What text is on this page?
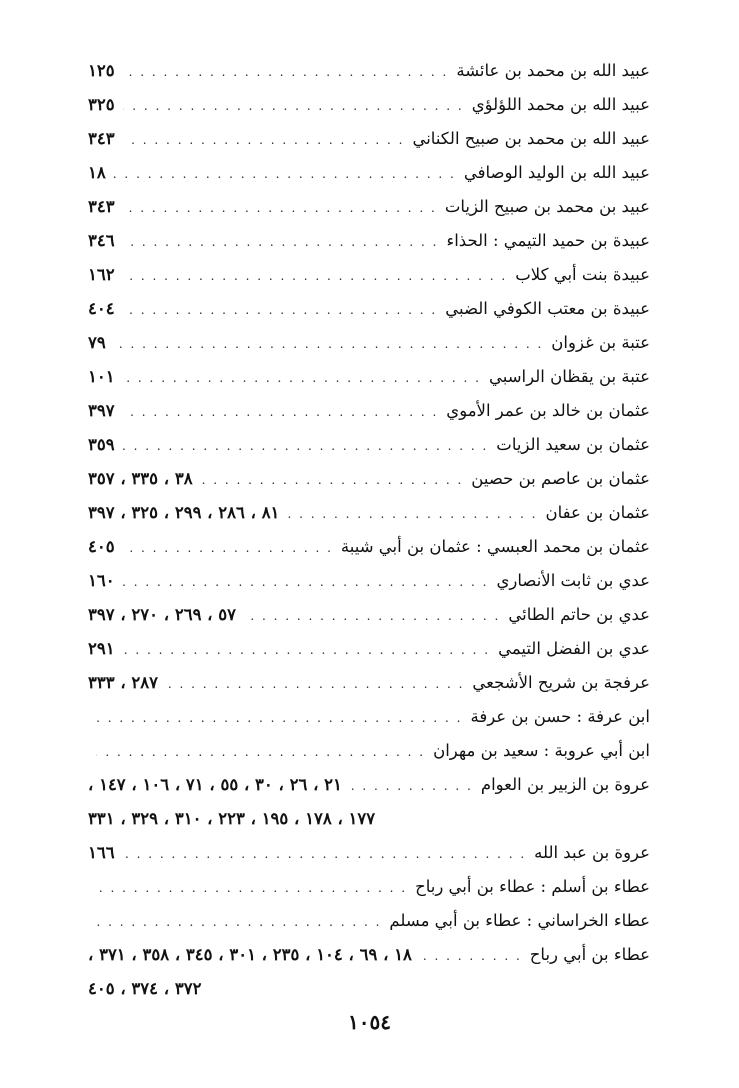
عبيد الله بن محمد بن عائشة
. . .
١٢٥
عبيد الله بن محمد اللؤلؤي
. . .
٣٢٥
عبيد الله بن محمد بن صبيح الكناني
. . .
٣٤٣
عبيد الله بن الوليد الوصافي
. . .
١٨
عبيد بن محمد بن صبيح الزيات
. . .
٣٤٣
عبيدة بن حميد التيمي : الحذاء
. . .
٣٤٦
عبيدة بنت أبي كلاب
. . .
١٦٢
عبيدة بن معتب الكوفي الضبي
. . .
٤٠٤
عتبة بن غزوان
. . .
٧٩
عتبة بن يقظان الراسبي
. . .
١٠١
عثمان بن خالد بن عمر الأموي
. . .
٣٩٧
عثمان بن سعيد الزيات
. . .
٣٥٩
عثمان بن عاصم بن حصين
. . .
٣٨ ، ٣٣٥ ، ٣٥٧
عثمان بن عفان
. . .
٨١ ، ٢٨٦ ، ٢٩٩ ، ٣٢٥ ، ٣٩٧
عثمان بن محمد العبسي : عثمان بن أبي شيبة
. . .
٤٠٥
عدي بن ثابت الأنصاري
. . .
١٦٠
عدي بن حاتم الطائي
. . .
٥٧ ، ٢٦٩ ، ٢٧٠ ، ٣٩٧
عدي بن الفضل التيمي
. . .
٢٩١
عرفجة بن شريح الأشجعي
. . .
٢٨٧ ، ٣٣٣
ابن عرفة : حسن بن عرفة
. . .
ابن أبي عروبة : سعيد بن مهران
. . .
عروة بن الزبير بن العوام
. . .
٢١ ، ٢٦ ، ٣٠ ، ٥٥ ، ٧١ ، ١٠٦ ، ١٤٧ ،
١٧٧ ، ١٧٨ ، ١٩٥ ، ٢٢٣ ، ٣١٠ ، ٣٢٩ ، ٣٣١
عروة بن عبد الله
. . .
١٦٦
عطاء بن أسلم : عطاء بن أبي رباح
. . .
عطاء الخراساني : عطاء بن أبي مسلم
. . .
عطاء بن أبي رباح
. . .
١٨ ، ٦٩ ، ١٠٤ ، ٢٣٥ ، ٣٠١ ، ٣٤٥ ، ٣٥٨ ، ٣٧١ ،
٣٧٢ ، ٣٧٤ ، ٤٠٥
١٠٥٤
